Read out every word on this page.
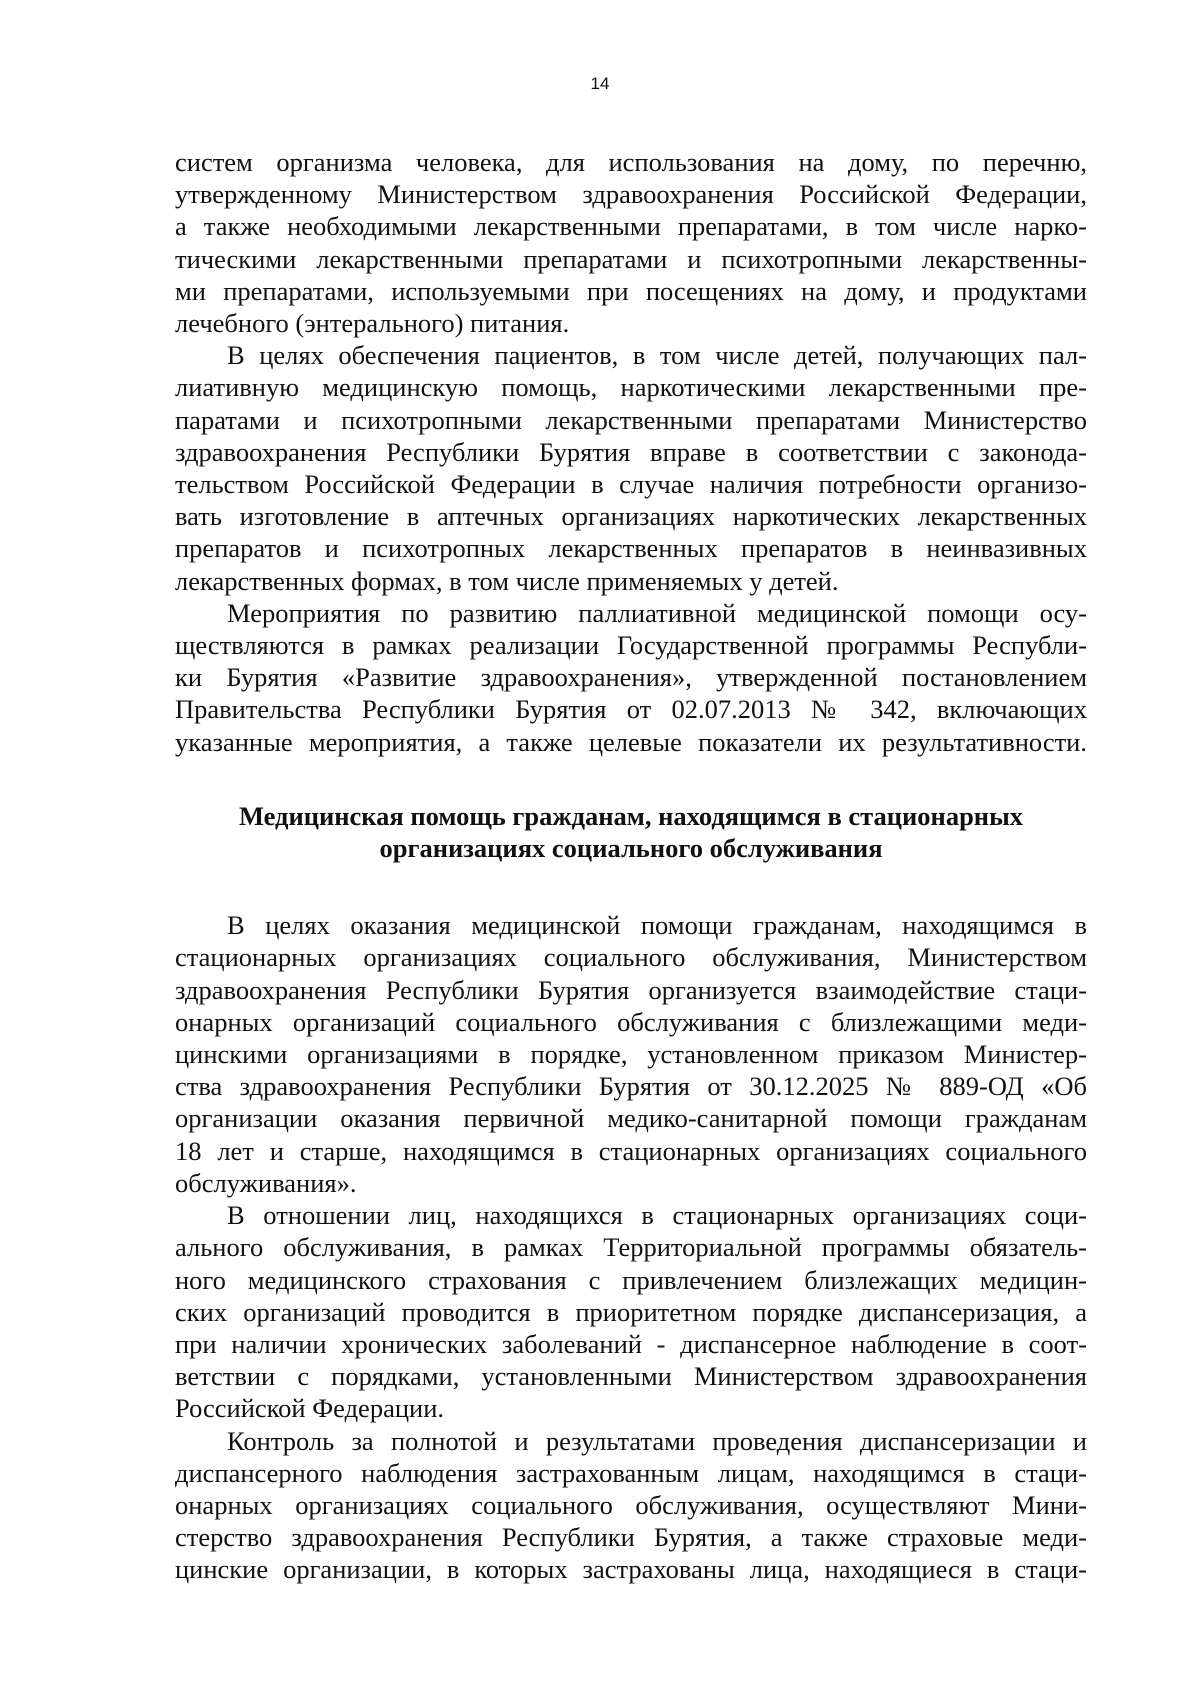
14

систем организма человека, для использования на дому, по перечню,

утвержденному Министерством здравоохранения Российской Федерации,

а также необходимыми лекарственными препаратами, в том числе нарко-

тическими лекарственными препаратами и психотропными лекарственны-

ми препаратами, используемыми при посещениях на дому, и продуктами

лечебного (энтерального) питания.

В целях обеспечения пациентов, в том числе детей, получающих пал-

лиативную медицинскую помощь, наркотическими лекарственными пре-

паратами и психотропными лекарственными препаратами Министерство

здравоохранения Республики Бурятия вправе в соответствии с законода-

тельством Российской Федерации в случае наличия потребности организо-

вать изготовление в аптечных организациях наркотических лекарственных

препаратов и психотропных лекарственных препаратов в неинвазивных

лекарственных формах, в том числе применяемых у детей.

Мероприятия по развитию паллиативной медицинской помощи осу-

ществляются в рамках реализации Государственной программы Республи-

ки Бурятия «Развитие здравоохранения», утвержденной постановлением

Правительства Республики Бурятия от 02.07.2013 № 342, включающих

указанные мероприятия, а также целевые показатели их результативности.

Медицинская помощь гражданам, находящимся в стационарных
организациях социального обслуживания

В целях оказания медицинской помощи гражданам, находящимся в

стационарных организациях социального обслуживания, Министерством

здравоохранения Республики Бурятия организуется взаимодействие стаци-

онарных организаций социального обслуживания с близлежащими меди-

цинскими организациями в порядке, установленном приказом Министер-

ства здравоохранения Республики Бурятия от 30.12.2025 № 889-ОД «Об

организации оказания первичной медико-санитарной помощи гражданам

18 лет и старше, находящимся в стационарных организациях социального

обслуживания».

В отношении лиц, находящихся в стационарных организациях соци-

ального обслуживания, в рамках Территориальной программы обязатель-

ного медицинского страхования с привлечением близлежащих медицин-

ских организаций проводится в приоритетном порядке диспансеризация, а

при наличии хронических заболеваний - диспансерное наблюдение в соот-

ветствии с порядками, установленными Министерством здравоохранения

Российской Федерации.

Контроль за полнотой и результатами проведения диспансеризации и

диспансерного наблюдения застрахованным лицам, находящимся в стаци-

онарных организациях социального обслуживания, осуществляют Мини-

стерство здравоохранения Республики Бурятия, а также страховые меди-

цинские организации, в которых застрахованы лица, находящиеся в стаци-
